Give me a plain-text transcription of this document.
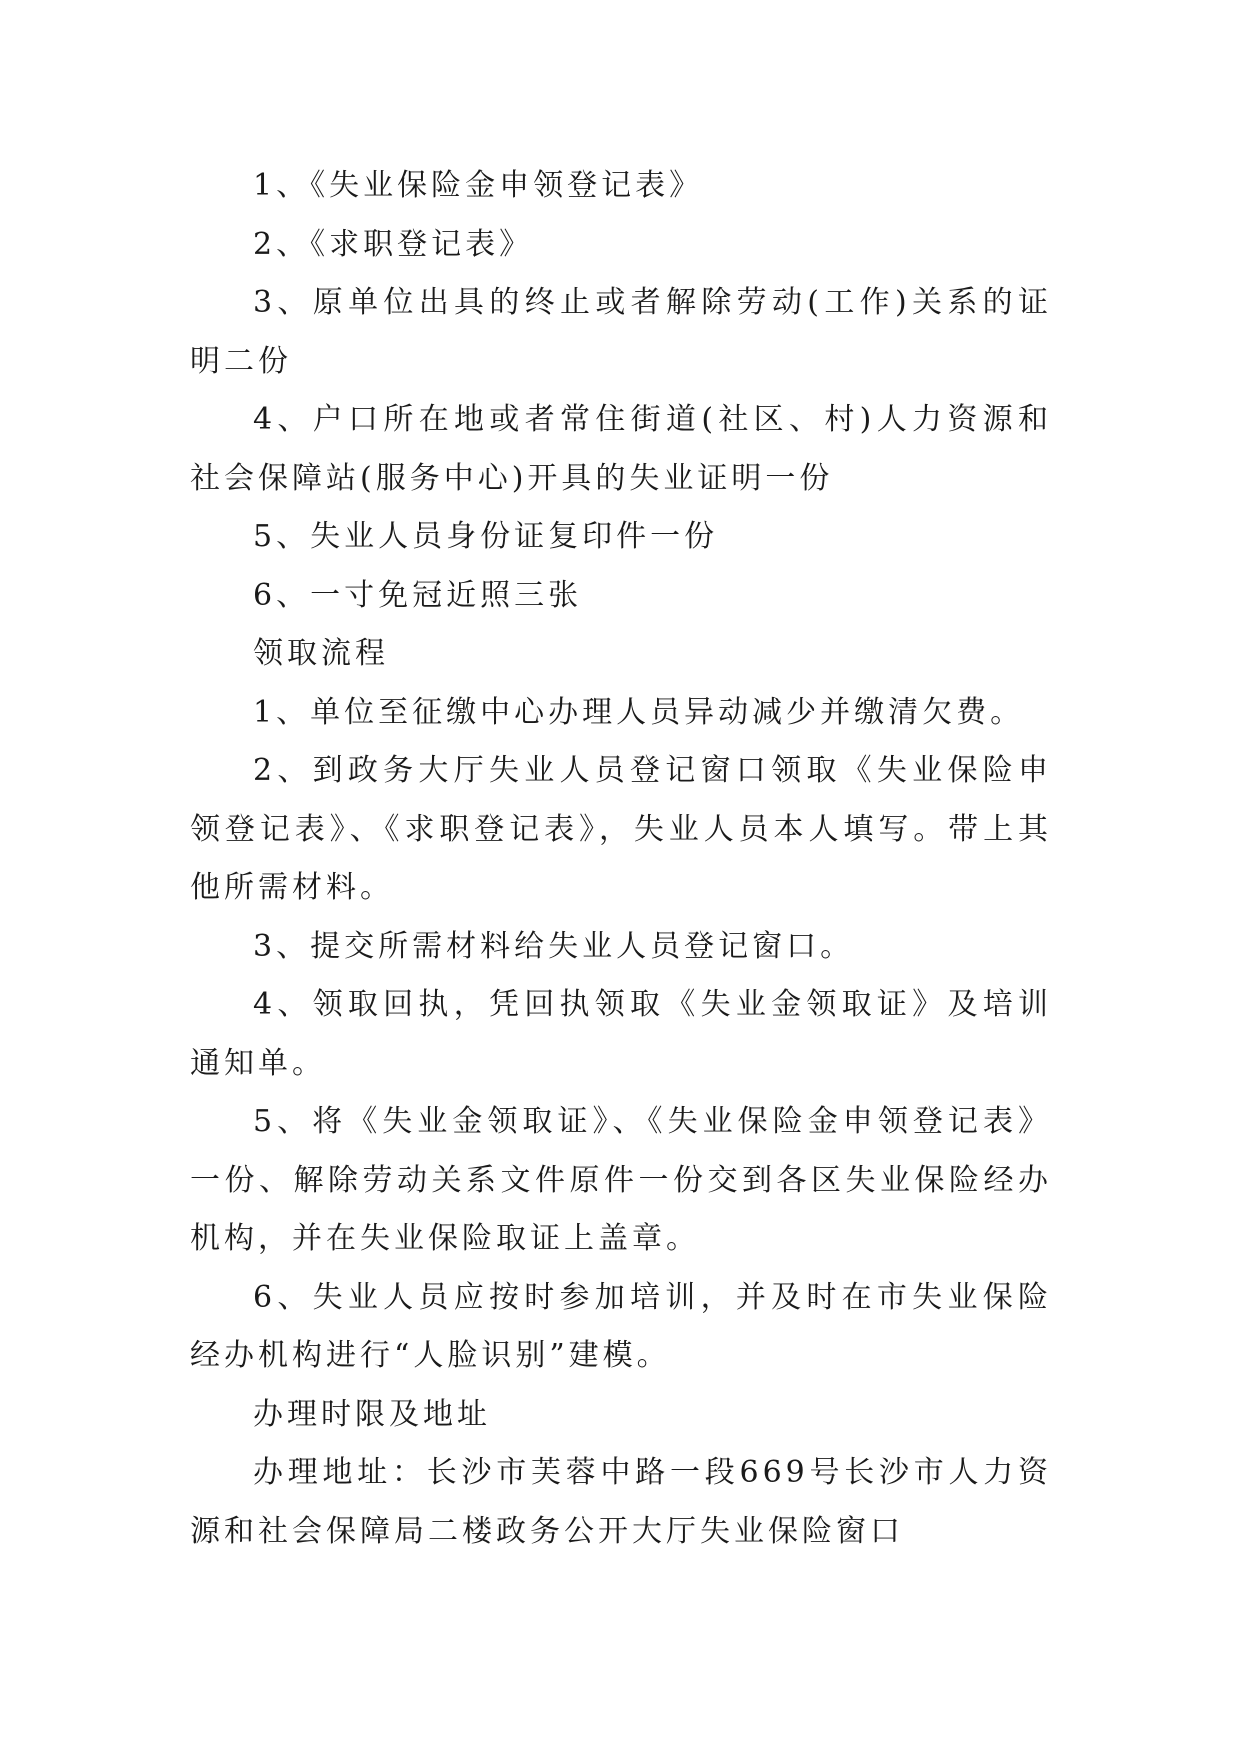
1、《失业保险金申领登记表》

2、《求职登记表》

3、原单位出具的终止或者解除劳动(工作)关系的证明二份

4、户口所在地或者常住街道(社区、村)人力资源和社会保障站(服务中心)开具的失业证明一份

5、失业人员身份证复印件一份

6、一寸免冠近照三张

领取流程

1、单位至征缴中心办理人员异动减少并缴清欠费。

2、到政务大厅失业人员登记窗口领取《失业保险申领登记表》、《求职登记表》，失业人员本人填写。带上其他所需材料。

3、提交所需材料给失业人员登记窗口。

4、领取回执，凭回执领取《失业金领取证》及培训通知单。

5、将《失业金领取证》、《失业保险金申领登记表》一份、解除劳动关系文件原件一份交到各区失业保险经办机构，并在失业保险取证上盖章。

6、失业人员应按时参加培训，并及时在市失业保险经办机构进行“人脸识别”建模。

办理时限及地址

办理地址：长沙市芙蓉中路一段669号长沙市人力资源和社会保障局二楼政务公开大厅失业保险窗口
